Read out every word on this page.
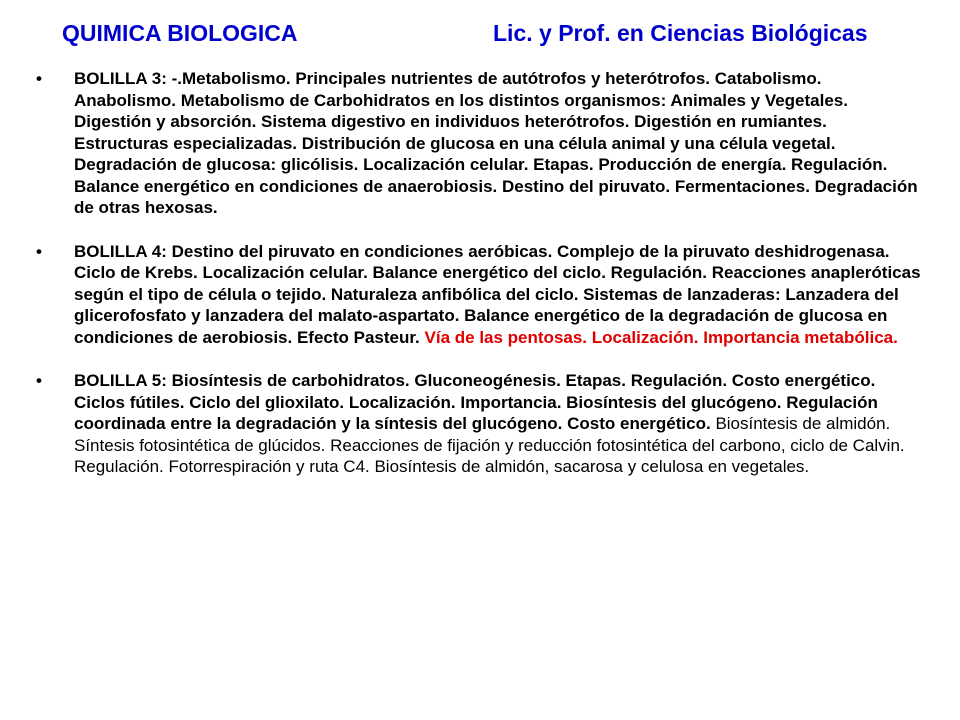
QUIMICA BIOLOGICA	Lic. y Prof. en Ciencias Biológicas
• BOLILLA 3: -.Metabolismo. Principales nutrientes de autótrofos y heterótrofos. Catabolismo. Anabolismo. Metabolismo de Carbohidratos en los distintos organismos: Animales y Vegetales. Digestión y absorción. Sistema digestivo en individuos heterótrofos. Digestión en rumiantes. Estructuras especializadas. Distribución de glucosa en una célula animal y una célula vegetal. Degradación de glucosa: glicólisis. Localización celular. Etapas. Producción de energía. Regulación. Balance energético en condiciones de anaerobiosis. Destino del piruvato. Fermentaciones. Degradación de otras hexosas.
• BOLILLA 4: Destino del piruvato en condiciones aeróbicas. Complejo de la piruvato deshidrogenasa. Ciclo de Krebs. Localización celular. Balance energético del ciclo. Regulación. Reacciones anapleróticas según el tipo de célula o tejido. Naturaleza anfibólica del ciclo. Sistemas de lanzaderas: Lanzadera del glicerofosfato y lanzadera del malato-aspartato. Balance energético de la degradación de glucosa en condiciones de aerobiosis. Efecto Pasteur. Vía de las pentosas. Localización. Importancia metabólica.
• BOLILLA 5: Biosíntesis de carbohidratos. Gluconeogénesis. Etapas. Regulación. Costo energético. Ciclos fútiles. Ciclo del glioxilato. Localización. Importancia. Biosíntesis del glucógeno. Regulación coordinada entre la degradación y la síntesis del glucógeno. Costo energético. Biosíntesis de almidón. Síntesis fotosintética de glúcidos. Reacciones de fijación y reducción fotosintética del carbono, ciclo de Calvin. Regulación. Fotorrespiración y ruta C4. Biosíntesis de almidón, sacarosa y celulosa en vegetales.
